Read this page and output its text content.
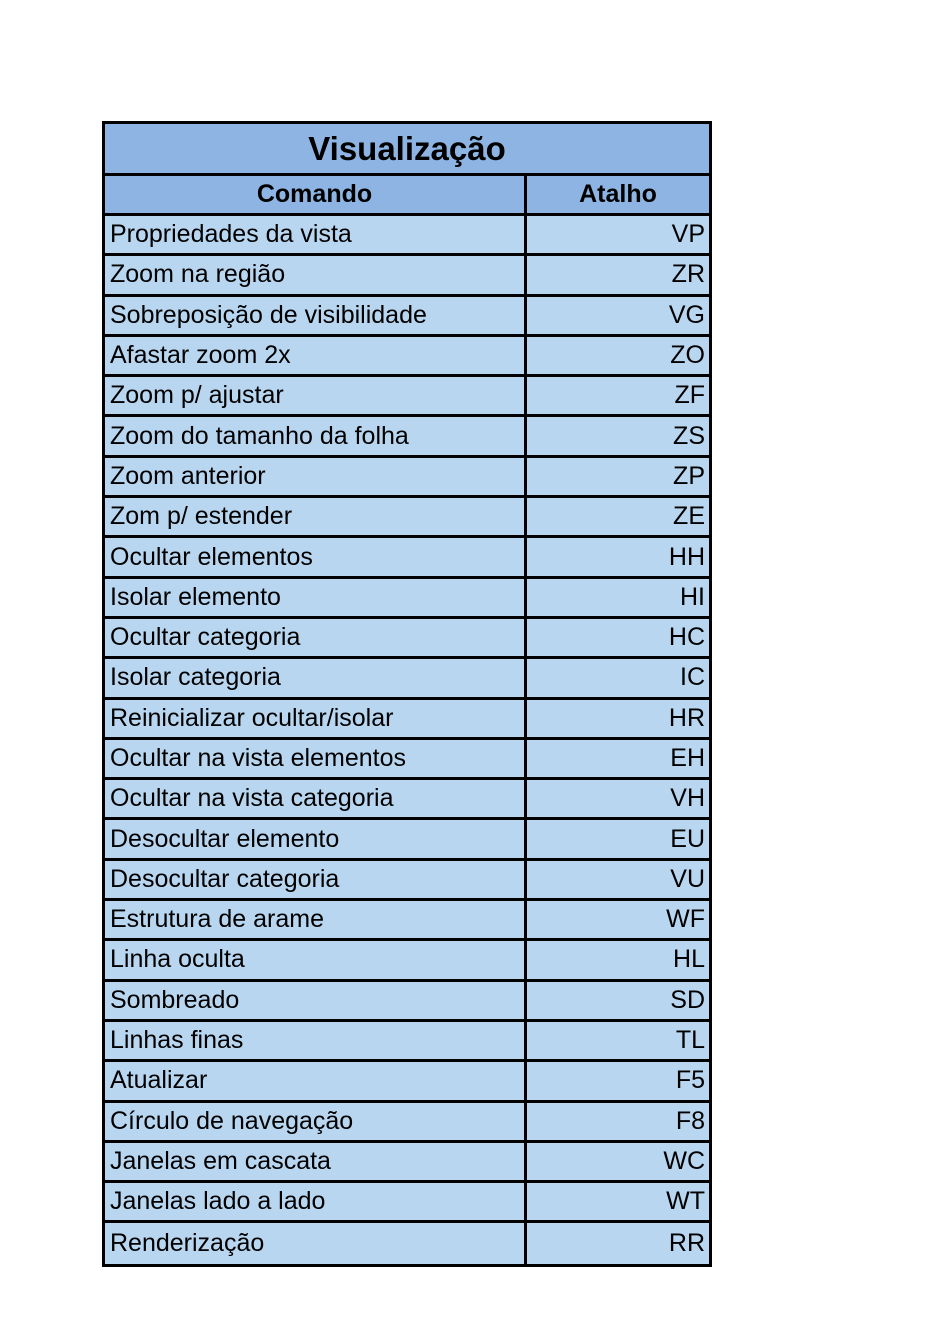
Visualização
Comando	Atalho
Propriedades da vista	VP
Zoom na região	ZR
Sobreposição de visibilidade	VG
Afastar zoom 2x	ZO
Zoom p/ ajustar	ZF
Zoom do tamanho da folha	ZS
Zoom anterior	ZP
Zom p/ estender	ZE
Ocultar elementos	HH
Isolar elemento	HI
Ocultar categoria	HC
Isolar categoria	IC
Reinicializar ocultar/isolar	HR
Ocultar na vista elementos	EH
Ocultar na vista categoria	VH
Desocultar elemento	EU
Desocultar categoria	VU
Estrutura de arame	WF
Linha oculta	HL
Sombreado	SD
Linhas finas	TL
Atualizar	F5
Círculo de navegação	F8
Janelas em cascata	WC
Janelas lado a lado	WT
Renderização	RR
